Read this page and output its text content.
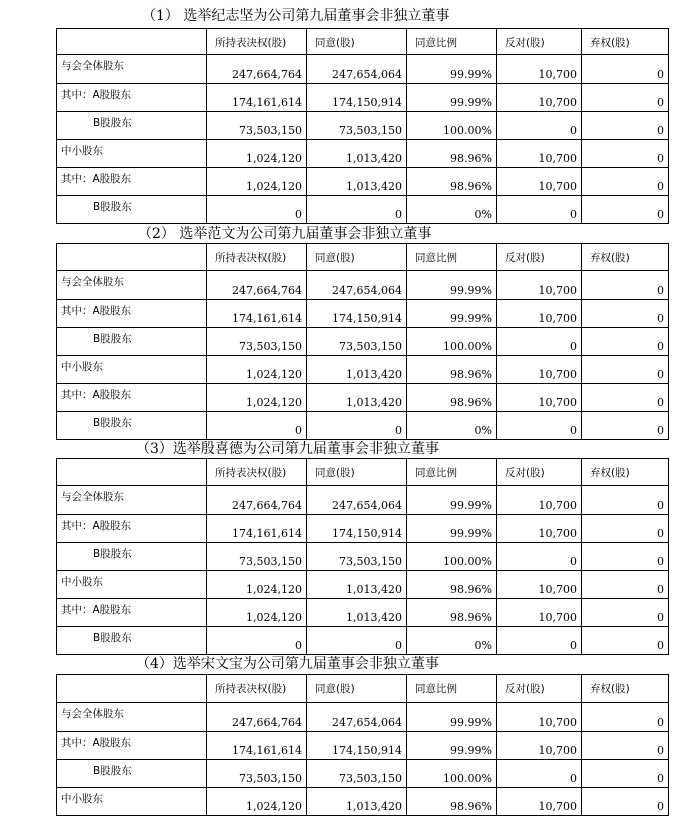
（1） 选举纪志坚为公司第九届董事会非独立董事
	所持表决权(股)	同意(股)	同意比例	反对(股)	弃权(股)
与会全体股东	247,664,764	247,654,064	99.99%	10,700	0
其中：A股股东	174,161,614	174,150,914	99.99%	10,700	0
B股股东	73,503,150	73,503,150	100.00%	0	0
中小股东	1,024,120	1,013,420	98.96%	10,700	0
其中：A股股东	1,024,120	1,013,420	98.96%	10,700	0
B股股东	0	0	0%	0	0
（2） 选举范文为公司第九届董事会非独立董事
	所持表决权(股)	同意(股)	同意比例	反对(股)	弃权(股)
与会全体股东	247,664,764	247,654,064	99.99%	10,700	0
其中：A股股东	174,161,614	174,150,914	99.99%	10,700	0
B股股东	73,503,150	73,503,150	100.00%	0	0
中小股东	1,024,120	1,013,420	98.96%	10,700	0
其中：A股股东	1,024,120	1,013,420	98.96%	10,700	0
B股股东	0	0	0%	0	0
（3）选举殷喜德为公司第九届董事会非独立董事
	所持表决权(股)	同意(股)	同意比例	反对(股)	弃权(股)
与会全体股东	247,664,764	247,654,064	99.99%	10,700	0
其中：A股股东	174,161,614	174,150,914	99.99%	10,700	0
B股股东	73,503,150	73,503,150	100.00%	0	0
中小股东	1,024,120	1,013,420	98.96%	10,700	0
其中：A股股东	1,024,120	1,013,420	98.96%	10,700	0
B股股东	0	0	0%	0	0
（4）选举宋文宝为公司第九届董事会非独立董事
	所持表决权(股)	同意(股)	同意比例	反对(股)	弃权(股)
与会全体股东	247,664,764	247,654,064	99.99%	10,700	0
其中：A股股东	174,161,614	174,150,914	99.99%	10,700	0
B股股东	73,503,150	73,503,150	100.00%	0	0
中小股东	1,024,120	1,013,420	98.96%	10,700	0
